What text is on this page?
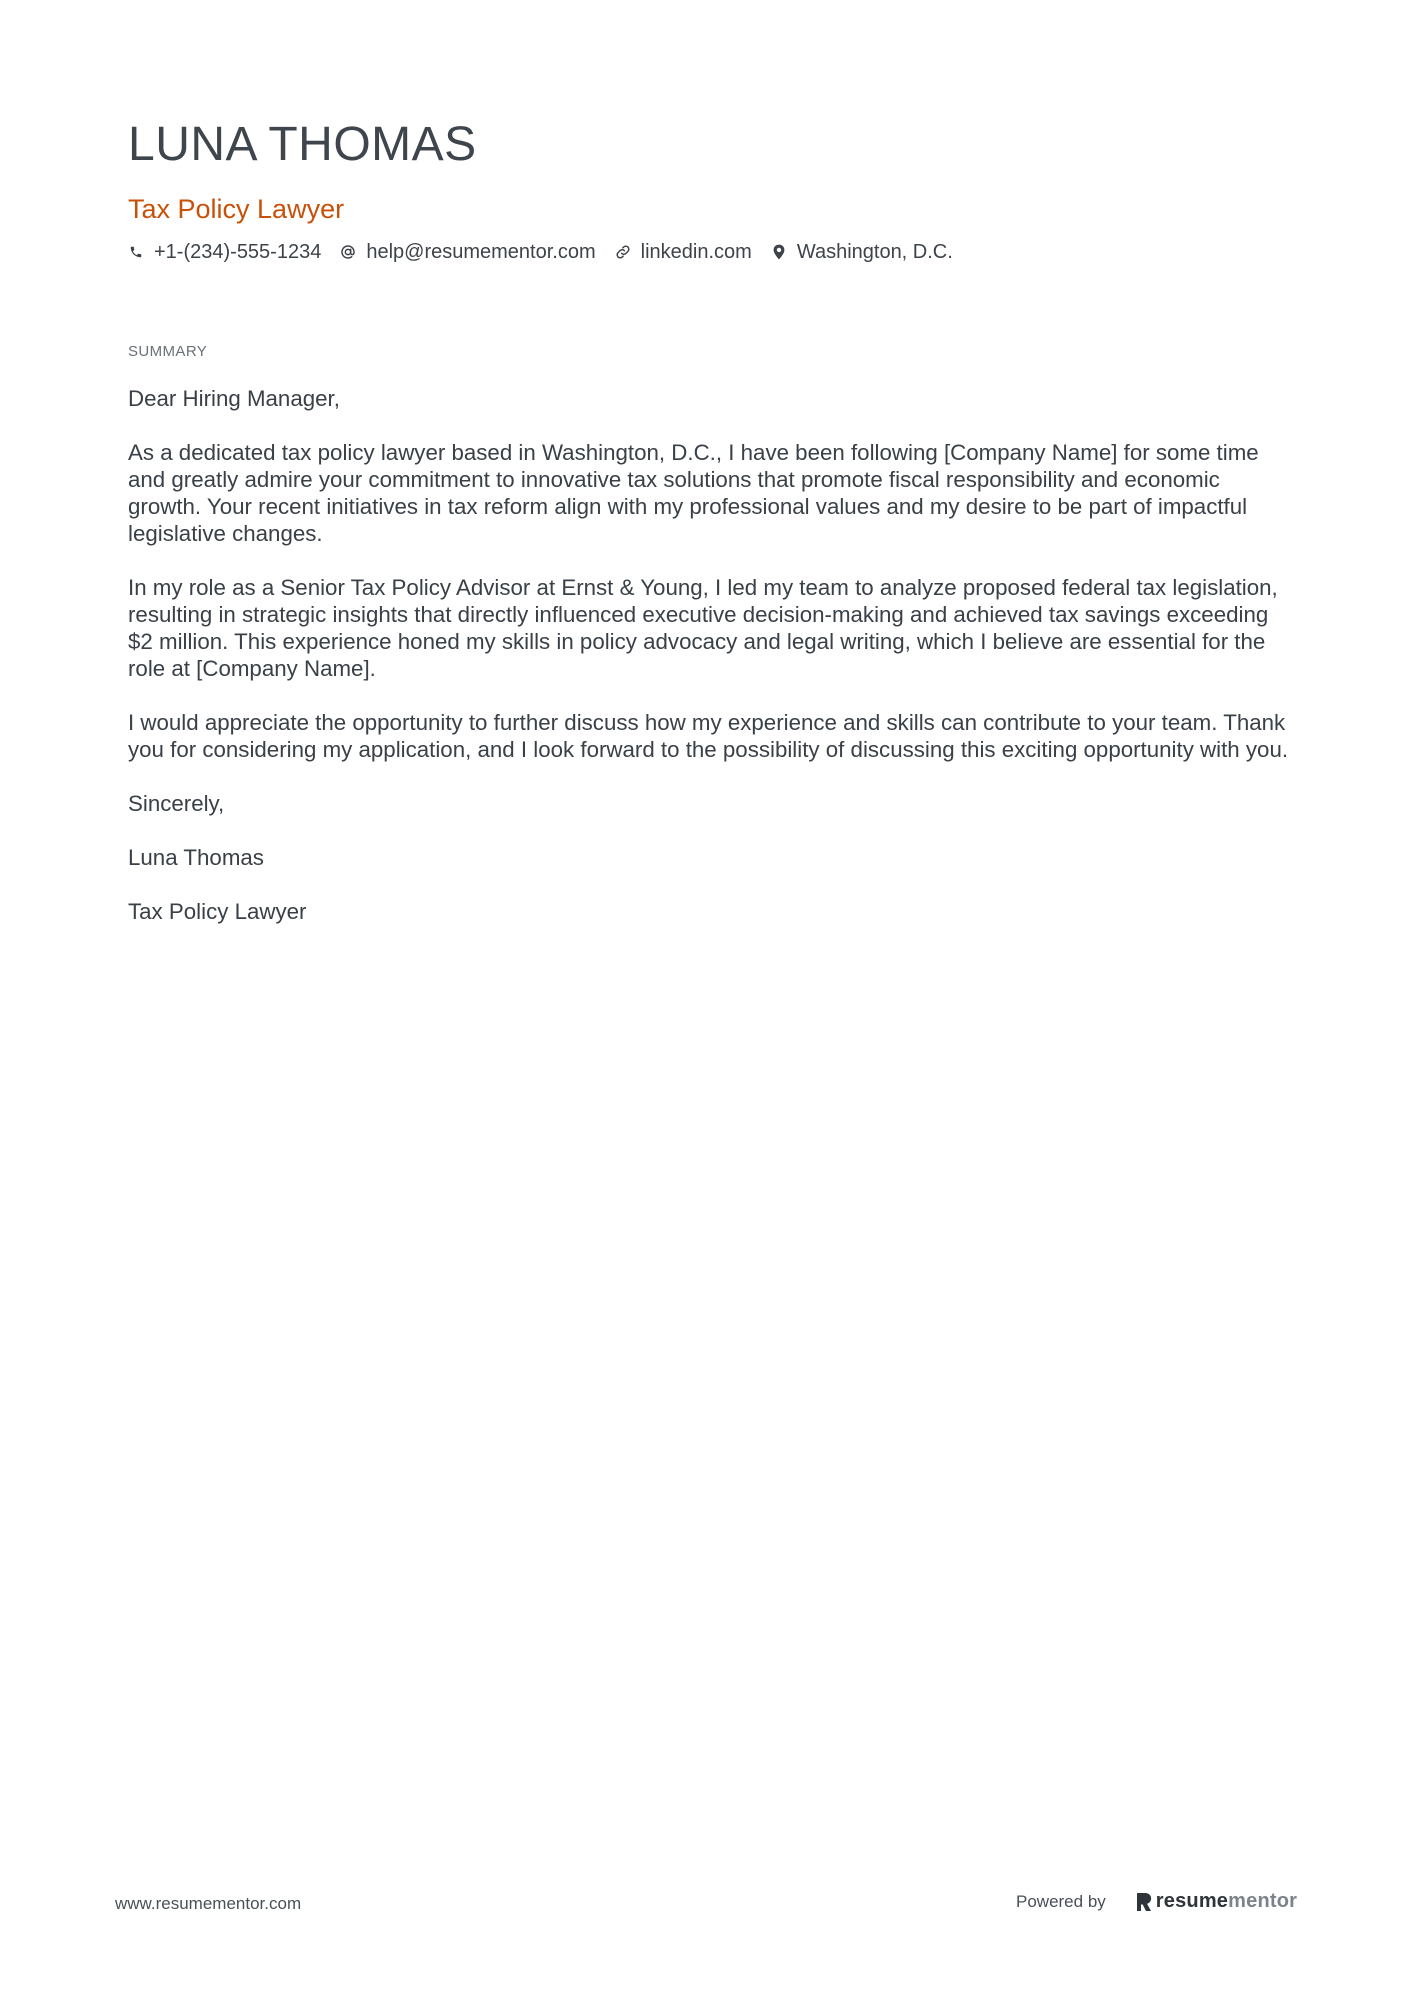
LUNA THOMAS
Tax Policy Lawyer
+1-(234)-555-1234 help@resumementor.com linkedin.com Washington, D.C.
SUMMARY

Dear Hiring Manager,

As a dedicated tax policy lawyer based in Washington, D.C., I have been following [Company Name] for some time and greatly admire your commitment to innovative tax solutions that promote fiscal responsibility and economic growth. Your recent initiatives in tax reform align with my professional values and my desire to be part of impactful legislative changes.

In my role as a Senior Tax Policy Advisor at Ernst & Young, I led my team to analyze proposed federal tax legislation, resulting in strategic insights that directly influenced executive decision-making and achieved tax savings exceeding $2 million. This experience honed my skills in policy advocacy and legal writing, which I believe are essential for the role at [Company Name].

I would appreciate the opportunity to further discuss how my experience and skills can contribute to your team. Thank you for considering my application, and I look forward to the possibility of discussing this exciting opportunity with you.

Sincerely,

Luna Thomas

Tax Policy Lawyer

www.resumementor.com	Powered by	resume mentor
